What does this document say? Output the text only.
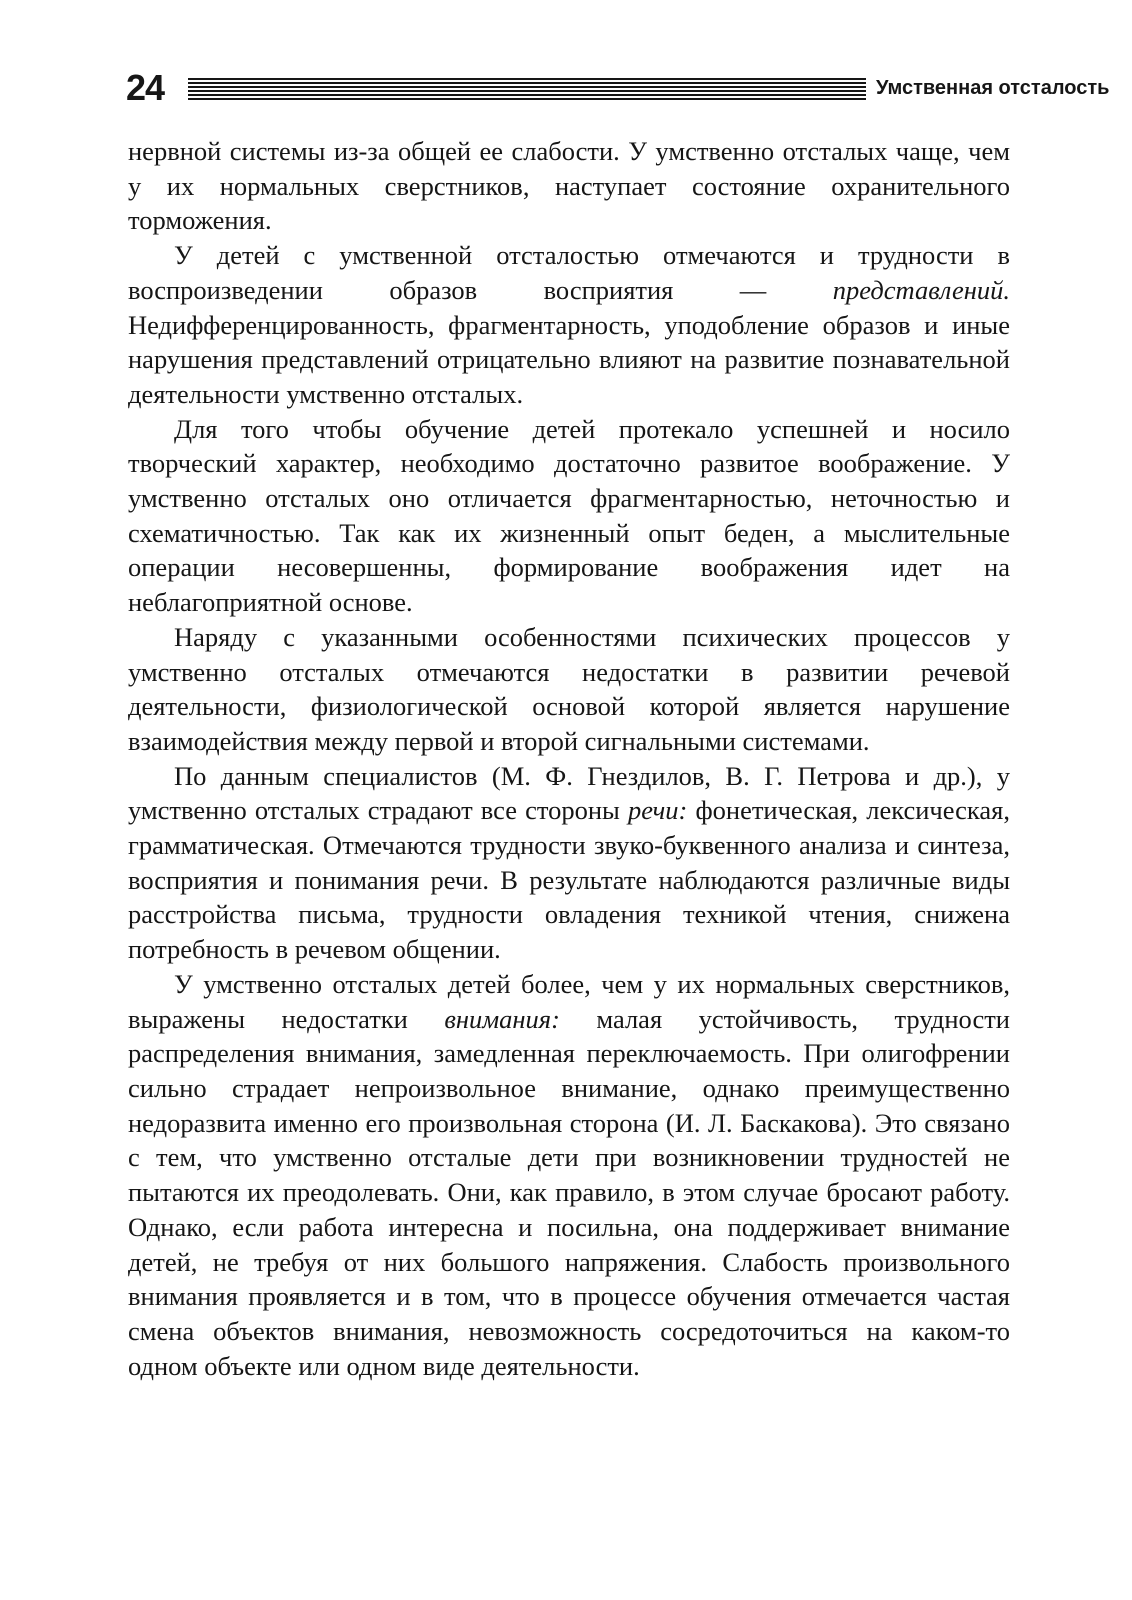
24	Умственная отсталость

нервной системы из-за общей ее слабости. У умственно отсталых чаще, чем у их нормальных сверстников, наступает состояние охранительного торможения.

У детей с умственной отсталостью отмечаются и трудности в воспроизведении образов восприятия — представлений. Недифференцированность, фрагментарность, уподобление образов и иные нарушения представлений отрицательно влияют на развитие познавательной деятельности умственно отсталых.

Для того чтобы обучение детей протекало успешней и носило творческий характер, необходимо достаточно развитое воображение. У умственно отсталых оно отличается фрагментарностью, неточностью и схематичностью. Так как их жизненный опыт беден, а мыслительные операции несовершенны, формирование воображения идет на неблагоприятной основе.

Наряду с указанными особенностями психических процессов у умственно отсталых отмечаются недостатки в развитии речевой деятельности, физиологической основой которой является нарушение взаимодействия между первой и второй сигнальными системами.

По данным специалистов (М. Ф. Гнездилов, В. Г. Петрова и др.), у умственно отсталых страдают все стороны речи: фонетическая, лексическая, грамматическая. Отмечаются трудности звуко-буквенного анализа и синтеза, восприятия и понимания речи. В результате наблюдаются различные виды расстройства письма, трудности овладения техникой чтения, снижена потребность в речевом общении.

У умственно отсталых детей более, чем у их нормальных сверстников, выражены недостатки внимания: малая устойчивость, трудности распределения внимания, замедленная переключаемость. При олигофрении сильно страдает непроизвольное внимание, однако преимущественно недоразвита именно его произвольная сторона (И. Л. Баскакова). Это связано с тем, что умственно отсталые дети при возникновении трудностей не пытаются их преодолевать. Они, как правило, в этом случае бросают работу. Однако, если работа интересна и посильна, она поддерживает внимание детей, не требуя от них большого напряжения. Слабость произвольного внимания проявляется и в том, что в процессе обучения отмечается частая смена объектов внимания, невозможность сосредоточиться на каком-то одном объекте или одном виде деятельности.
